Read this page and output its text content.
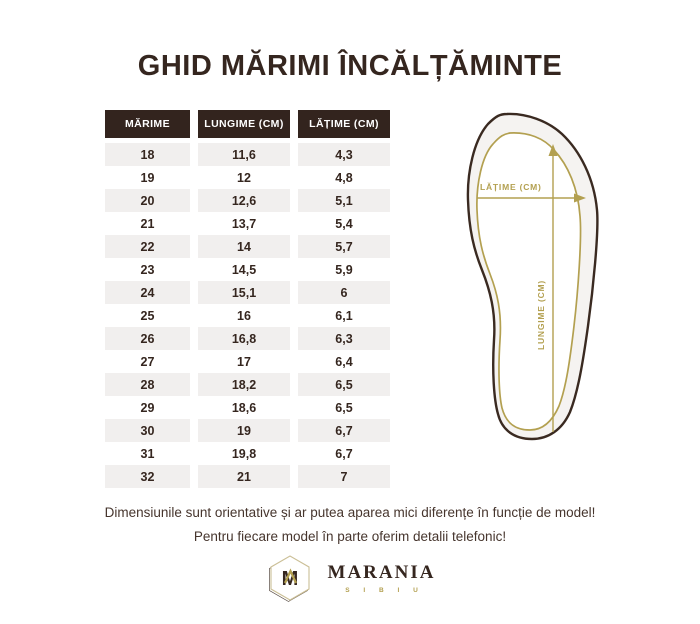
GHID MĂRIMI ÎNCĂLȚĂMINTE
MĂRIME	LUNGIME (CM)	LĂȚIME (CM)
18	11,6	4,3
19	12	4,8
20	12,6	5,1
21	13,7	5,4
22	14	5,7
23	14,5	5,9
24	15,1	6
25	16	6,1
26	16,8	6,3
27	17	6,4
28	18,2	6,5
29	18,6	6,5
30	19	6,7
31	19,8	6,7
32	21	7
LĂȚIME (CM)
LUNGIME (CM)
Dimensiunile sunt orientative și ar putea aparea mici diferențe în funcție de model!
Pentru fiecare model în parte oferim detalii telefonic!
M MARANIA
S I B I U
